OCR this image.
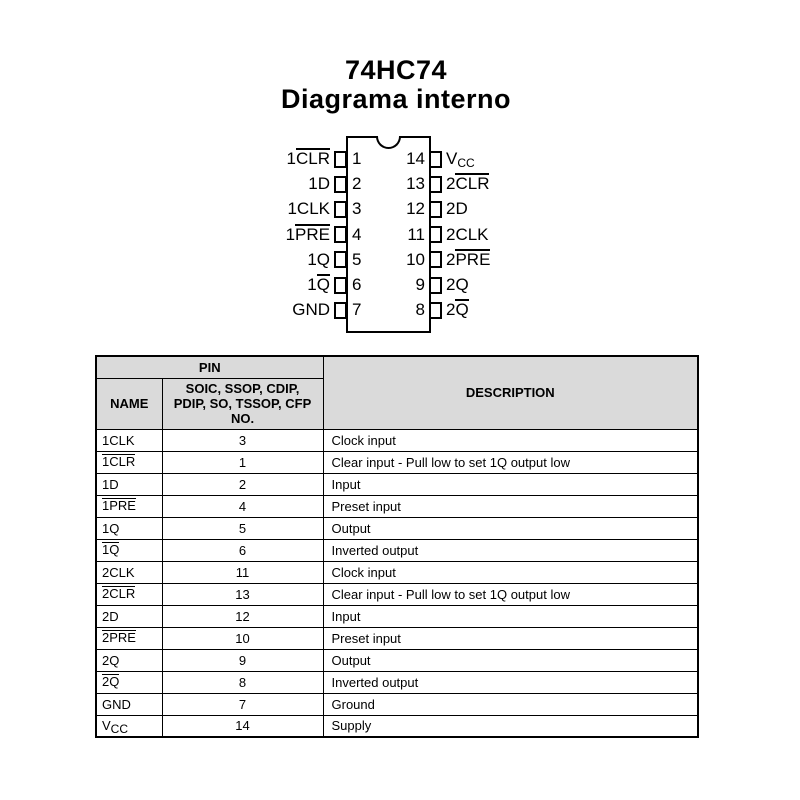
74HC74
Diagrama interno
1CLR 1
1D 2
1CLK 3
1PRE 4
1Q 5
1Q 6
GND 7
14 $V_{CC}$
13 2CLR
12 2D
11 2CLK
10 2PRE
9 2Q
8 2Q
PIN		DESCRIPTION
NAME	SOIC, SSOP, CDIP, PDIP, SO, TSSOP, CFP NO.	
1CLK	3	Clock input
1CLR	1	Clear input - Pull low to set 1Q output low
1D	2	Input
1PRE	4	Preset input
1Q	5	Output
1Q	6	Inverted output
2CLK	11	Clock input
2CLR	13	Clear input - Pull low to set 1Q output low
2D	12	Input
2PRE	10	Preset input
2Q	9	Output
2Q	8	Inverted output
GND	7	Ground
$V_{CC}$	14	Supply
